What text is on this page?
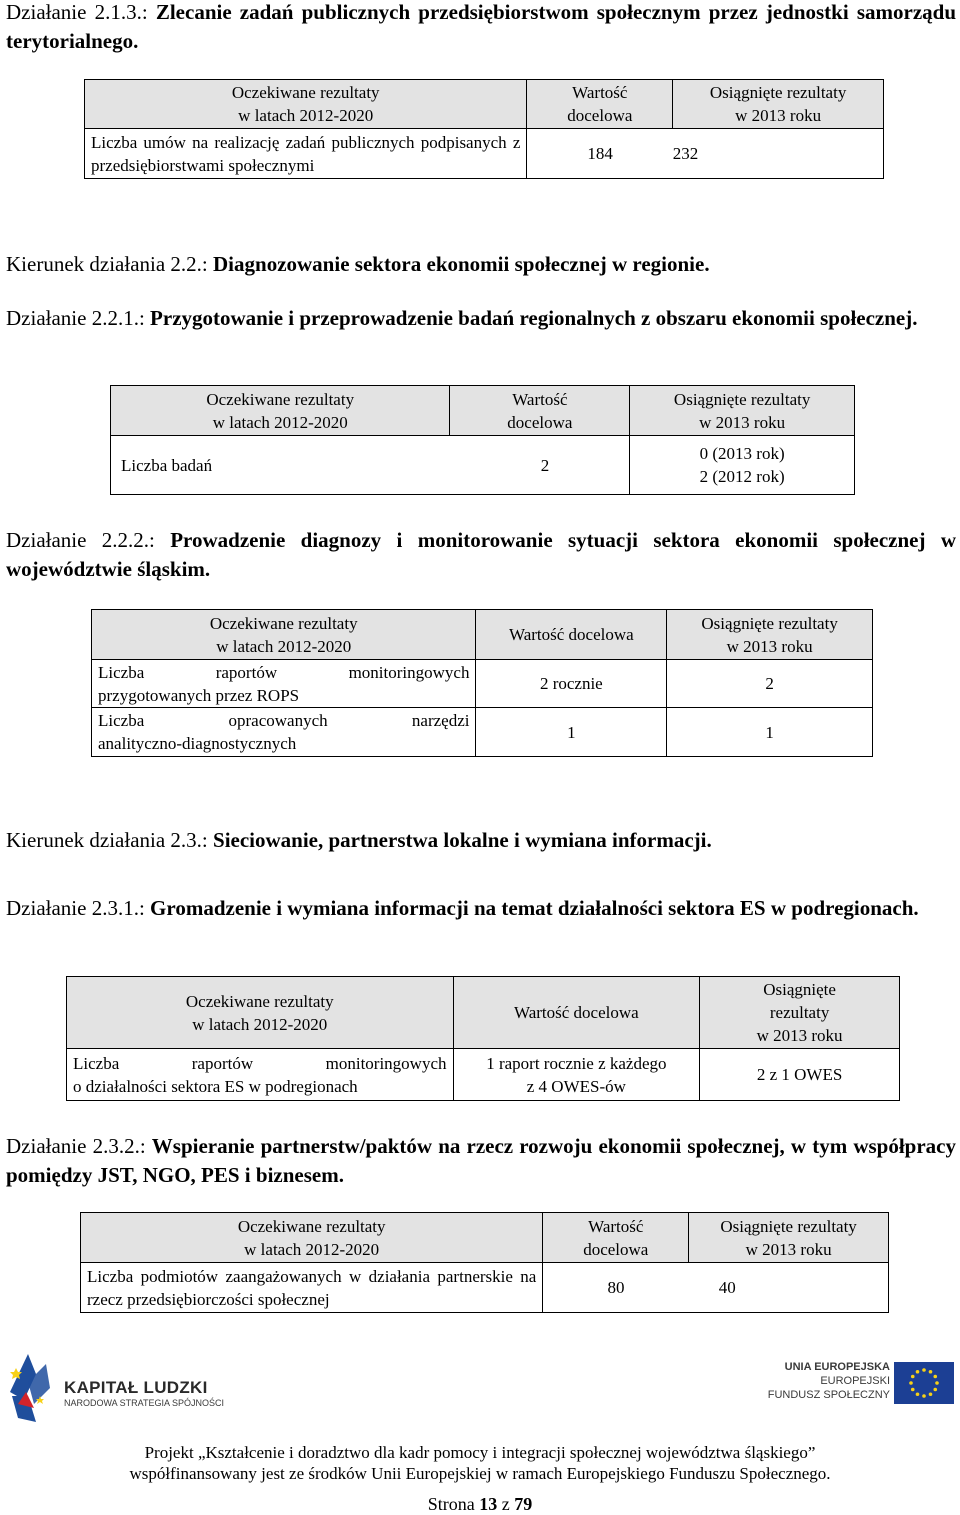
Działanie 2.1.3.: Zlecanie zadań publicznych przedsiębiorstwom społecznym przez jednostki samorządu terytorialnego.

Oczekiwane rezultaty
w latach 2012-2020	Wartość
docelowa	Osiągnięte rezultaty
w 2013 roku

Liczba umów na realizację zadań publicznych podpisanych z przedsiębiorstwami społecznymi	184	232

Kierunek działania 2.2.: Diagnozowanie sektora ekonomii społecznej w regionie.

Działanie 2.2.1.: Przygotowanie i przeprowadzenie badań regionalnych z obszaru ekonomii społecznej.

Oczekiwane rezultaty
w latach 2012-2020	Wartość
docelowa	Osiągnięte rezultaty
w 2013 roku

Liczba badań	2	0 (2013 rok)
2 (2012 rok)

Działanie 2.2.2.: Prowadzenie diagnozy i monitorowanie sytuacji sektora ekonomii społecznej w województwie śląskim.

Oczekiwane rezultaty
w latach 2012-2020	Wartość docelowa	Osiągnięte rezultaty
w 2013 roku

Liczba raportów monitoringowych
przygotowanych przez ROPS	2 rocznie	2

Liczba opracowanych narzędzi
analityczno-diagnostycznych	1	1

Kierunek działania 2.3.: Sieciowanie, partnerstwa lokalne i wymiana informacji.

Działanie 2.3.1.: Gromadzenie i wymiana informacji na temat działalności sektora ES w podregionach.

Oczekiwane rezultaty
w latach 2012-2020	Wartość docelowa	Osiągnięte
rezultaty
w 2013 roku

Liczba raportów monitoringowych
o działalności sektora ES w podregionach	1 raport rocznie z każdego
z 4 OWES-ów	2 z 1 OWES

Działanie 2.3.2.: Wspieranie partnerstw/paktów na rzecz rozwoju ekonomii społecznej, w tym współpracy pomiędzy JST, NGO, PES i biznesem.

Oczekiwane rezultaty
w latach 2012-2020	Wartość
docelowa	Osiągnięte rezultaty
w 2013 roku

Liczba podmiotów zaangażowanych w działania partnerskie na rzecz przedsiębiorczości społecznej	80	40
KAPITAŁ LUDZKI
NARODOWA STRATEGIA SPÓJNOŚCI
UNIA EUROPEJSKA
EUROPEJSKI
FUNDUSZ SPOŁECZNY
Projekt „Kształcenie i doradztwo dla kadr pomocy i integracji społecznej województwa śląskiego”
współfinansowany jest ze środków Unii Europejskiej w ramach Europejskiego Funduszu Społecznego.
Strona 13 z 79
